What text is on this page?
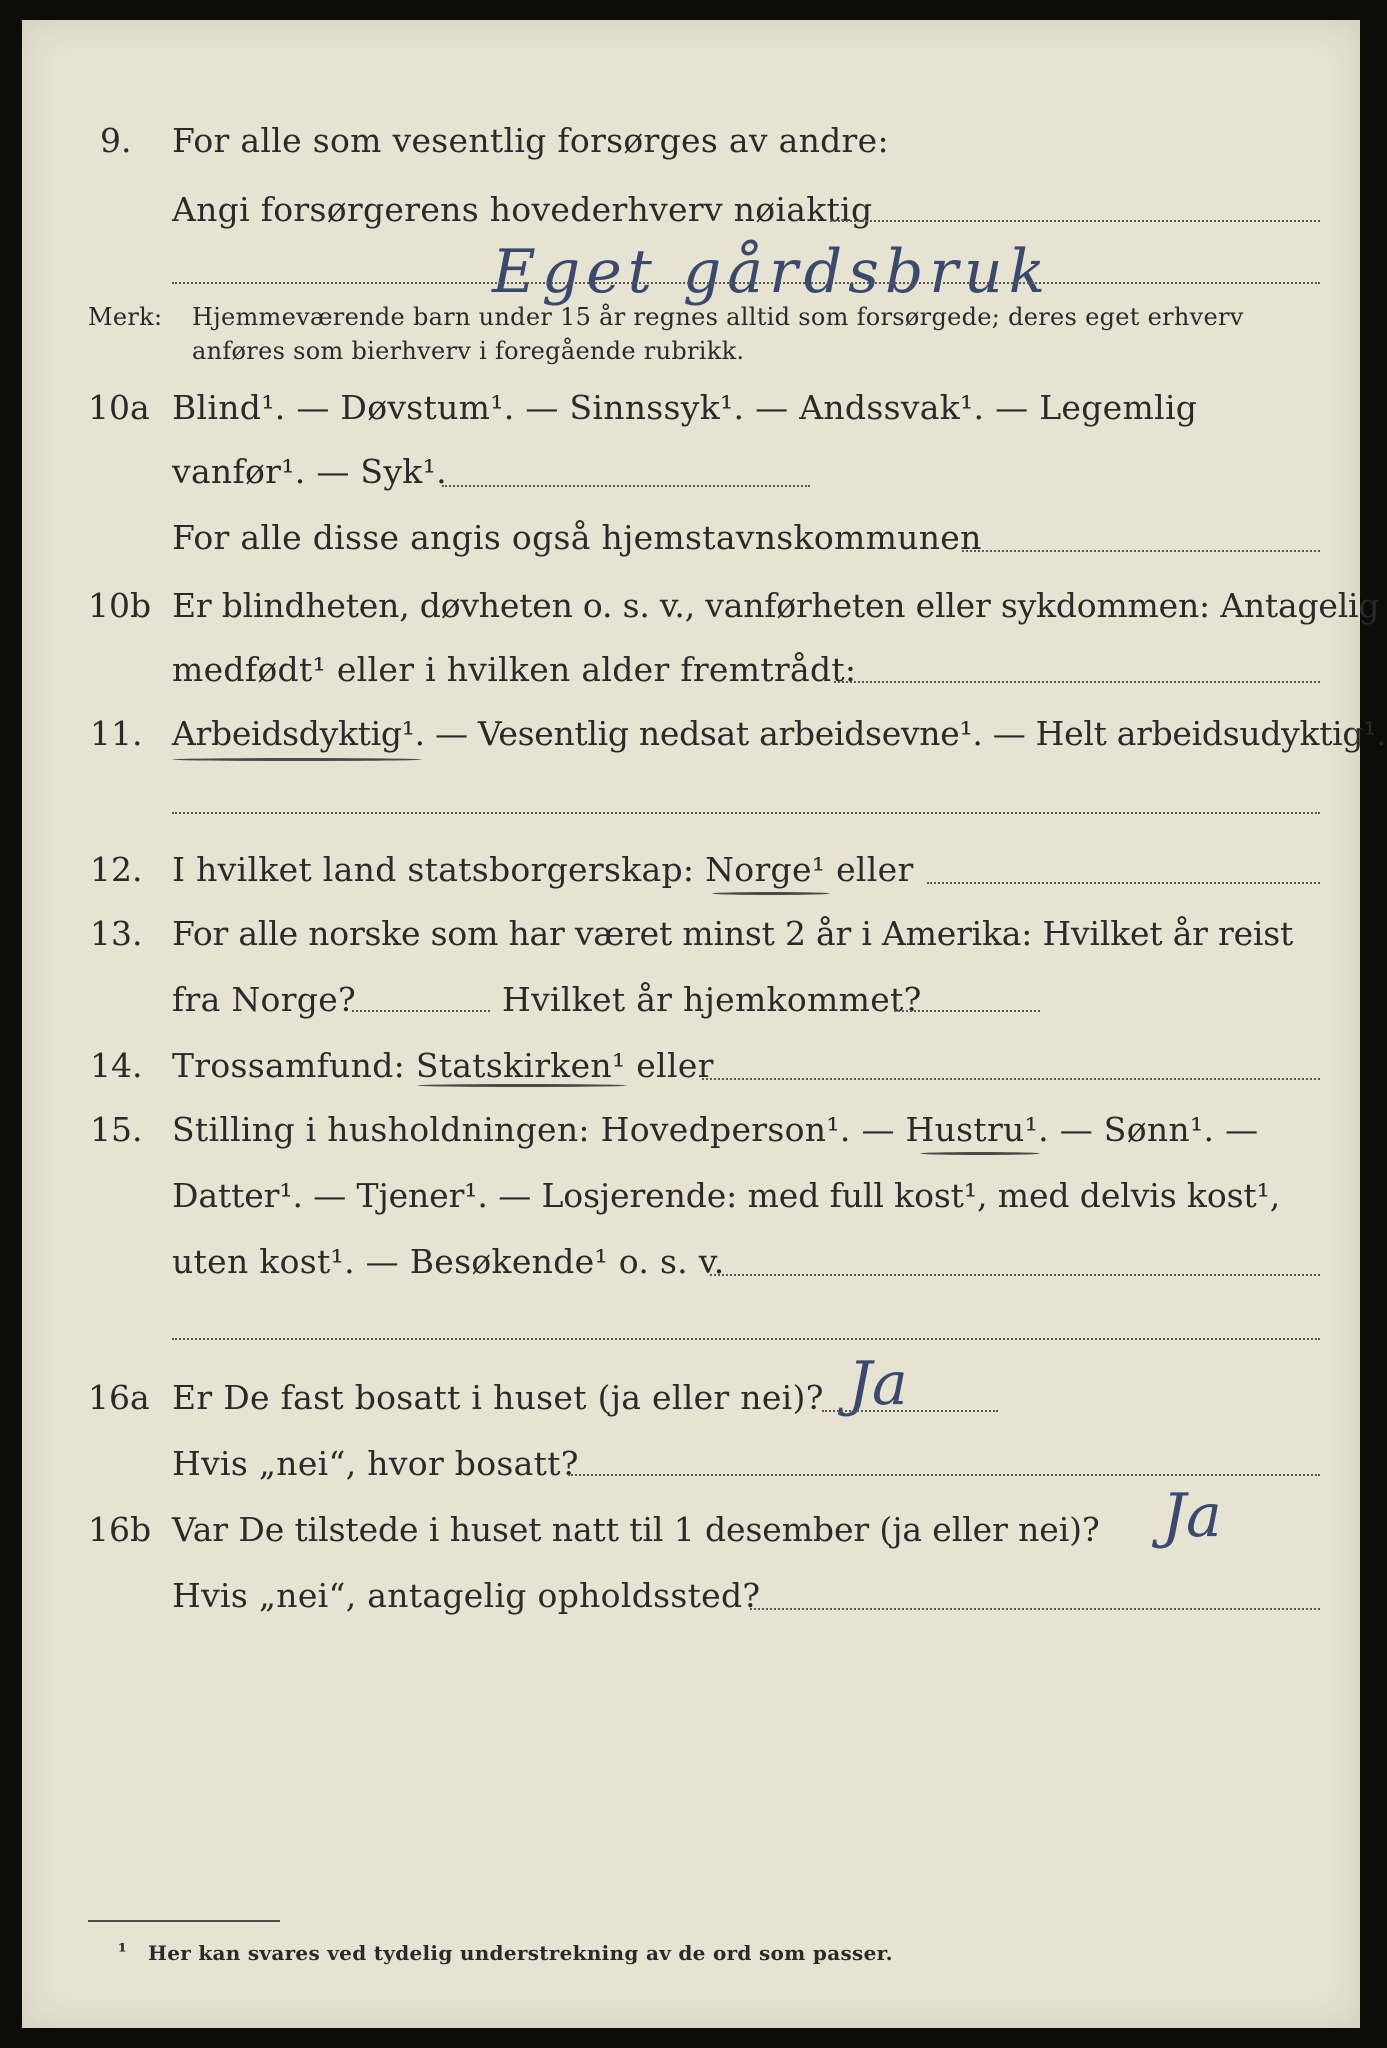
9. For alle som vesentlig forsørges av andre:
Angi forsørgerens hovederhverv nøiaktig
Eget gårdsbruk
Merk: Hjemmeværende barn under 15 år regnes alltid som forsørgede; deres eget erhverv
anføres som bierhverv i foregående rubrikk.
10a Blind¹. — Døvstum¹. — Sinnssyk¹. — Andssvak¹. — Legemlig
vanfør¹. — Syk¹.
For alle disse angis også hjemstavnskommunen
10b Er blindheten, døvheten o. s. v., vanførheten eller sykdommen: Antagelig
medfødt¹ eller i hvilken alder fremtrådt:
11. Arbeidsdyktig¹. — Vesentlig nedsat arbeidsevne¹. — Helt arbeidsudyktig¹.
12. I hvilket land statsborgerskap: Norge¹ eller
13. For alle norske som har været minst 2 år i Amerika: Hvilket år reist
fra Norge?	Hvilket år hjemkommet?
14. Trossamfund: Statskirken¹ eller
15. Stilling i husholdningen: Hovedperson¹. — Hustru¹. — Sønn¹. —
Datter¹. — Tjener¹. — Losjerende: med full kost¹, med delvis kost¹,
uten kost¹. — Besøkende¹ o. s. v.
16a Er De fast bosatt i huset (ja eller nei)? Ja
Hvis „nei“, hvor bosatt?
16b Var De tilstede i huset natt til 1 desember (ja eller nei)? Ja
Hvis „nei“, antagelig opholdssted?
¹ Her kan svares ved tydelig understrekning av de ord som passer.
